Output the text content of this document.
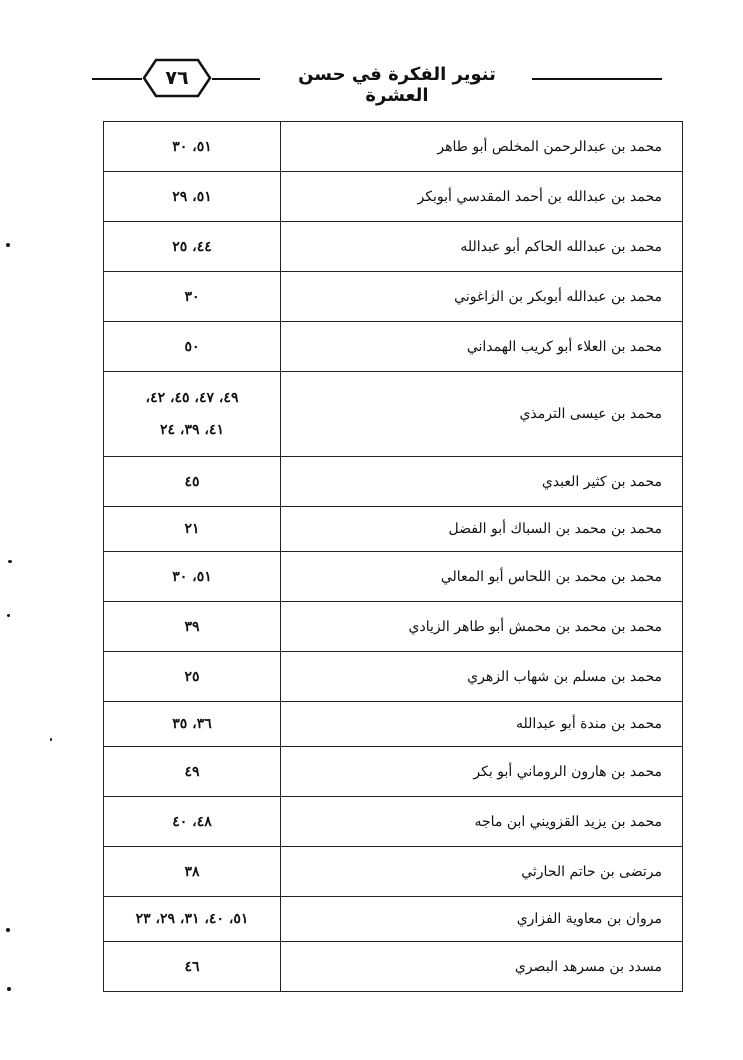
٧٦	تنوير الفكرة في حسن العشرة
محمد بن عبدالرحمن المخلص أبو طاهر	٥١، ٣٠

محمد بن عبدالله بن أحمد المقدسي أبوبكر	٥١، ٢٩

محمد بن عبدالله الحاكم أبو عبدالله	٤٤، ٢٥

محمد بن عبدالله أبوبكر بن الزاغوني	٣٠

محمد بن العلاء أبو كريب الهمداني	٥٠

محمد بن عيسى الترمذي	٤٩، ٤٧، ٤٥، ٤٢،
٤١، ٣٩، ٢٤

محمد بن كثير العبدي	٤٥

محمد بن محمد بن السباك أبو الفضل	٢١

محمد بن محمد بن اللحاس أبو المعالي	٥١، ٣٠

محمد بن محمد بن محمش أبو طاهر الزيادي	٣٩

محمد بن مسلم بن شهاب الزهري	٢٥

محمد بن مندة أبو عبدالله	٣٦، ٣٥

محمد بن هارون الروماني أبو بكر	٤٩

محمد بن يزيد القزويني ابن ماجه	٤٨، ٤٠

مرتضى بن حاتم الحارثي	٣٨

مروان بن معاوية الفزاري	٥١، ٤٠، ٣١، ٢٩، ٢٣

مسدد بن مسرهد البصري	٤٦
